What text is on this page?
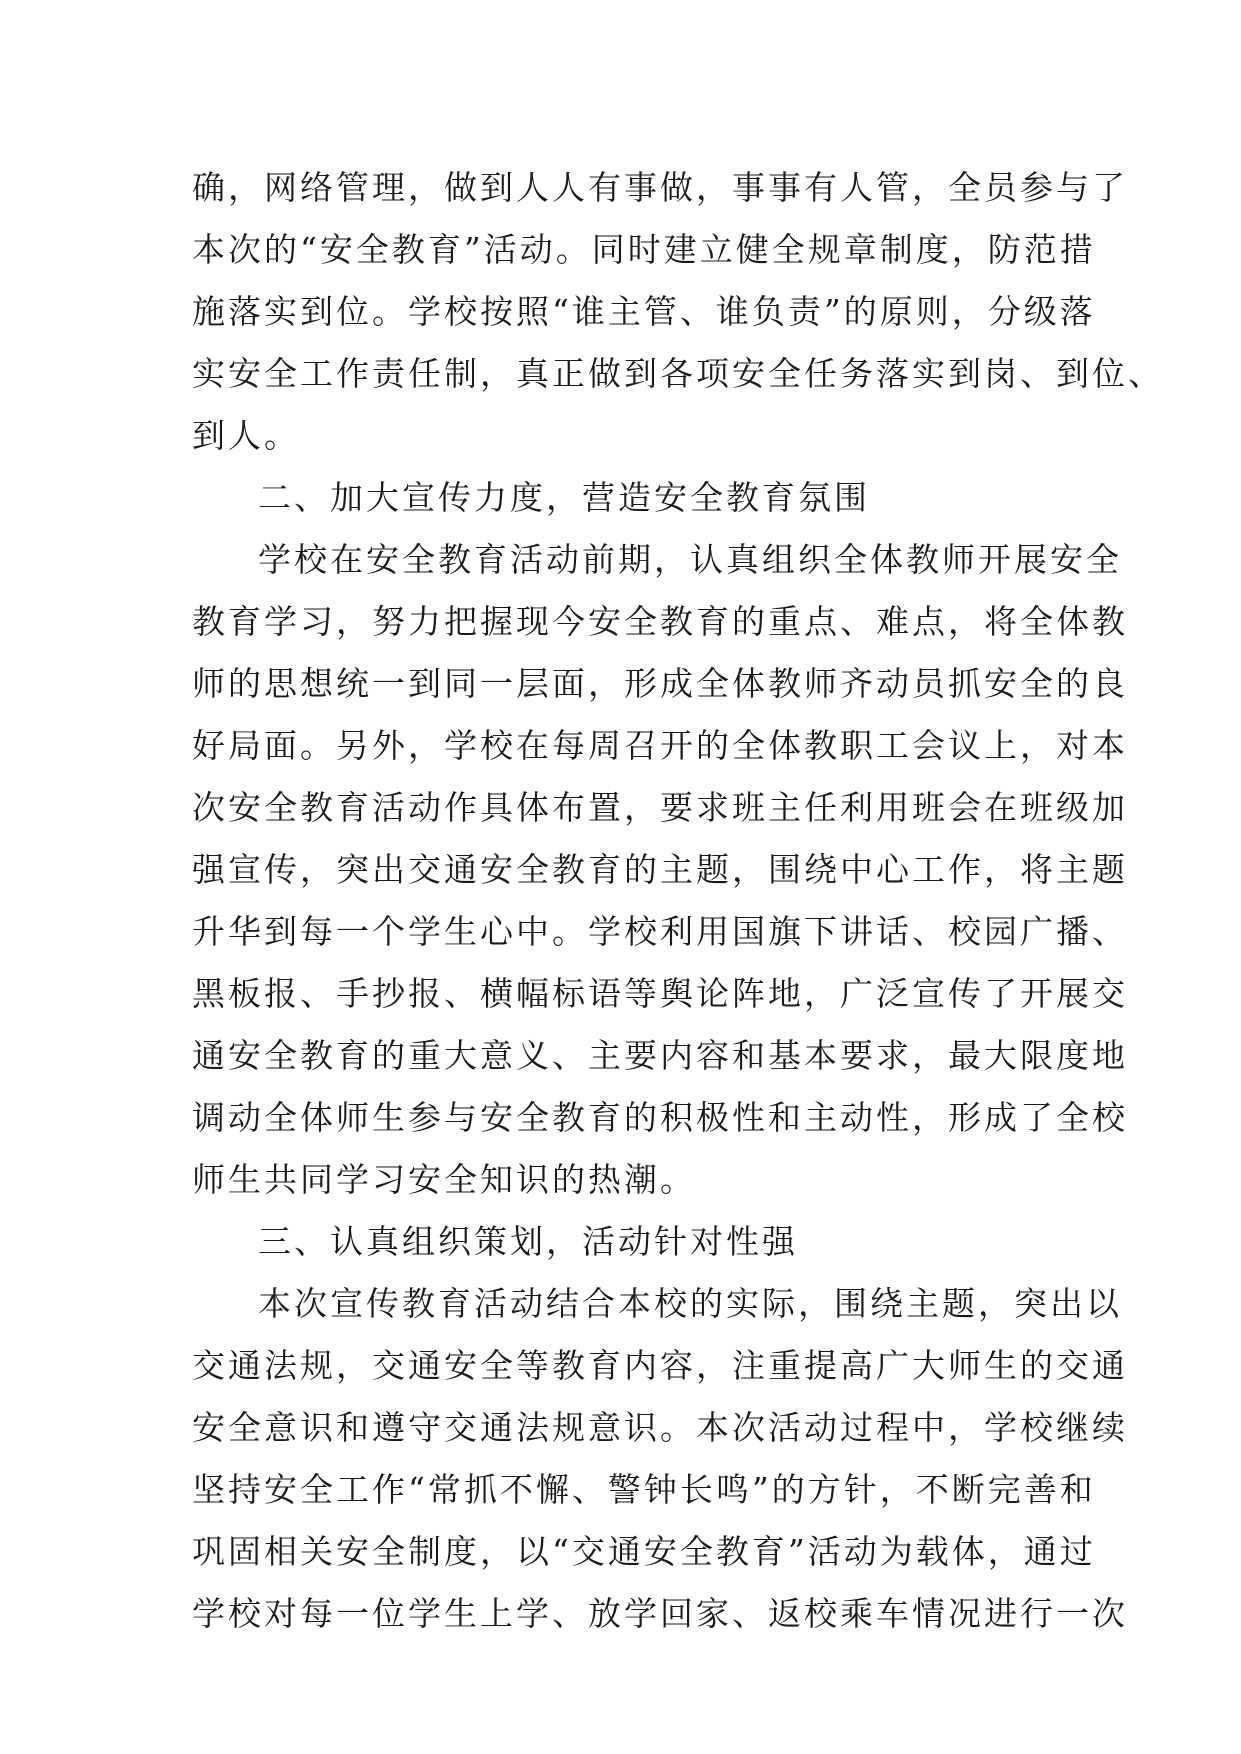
确，网络管理，做到人人有事做，事事有人管，全员参与了
本次的“安全教育”活动。同时建立健全规章制度，防范措
施落实到位。学校按照“谁主管、谁负责”的原则，分级落
实安全工作责任制，真正做到各项安全任务落实到岗、到位、
到人。
二、加大宣传力度，营造安全教育氛围
学校在安全教育活动前期，认真组织全体教师开展安全
教育学习，努力把握现今安全教育的重点、难点，将全体教
师的思想统一到同一层面，形成全体教师齐动员抓安全的良
好局面。另外，学校在每周召开的全体教职工会议上，对本
次安全教育活动作具体布置，要求班主任利用班会在班级加
强宣传，突出交通安全教育的主题，围绕中心工作，将主题
升华到每一个学生心中。学校利用国旗下讲话、校园广播、
黑板报、手抄报、横幅标语等舆论阵地，广泛宣传了开展交
通安全教育的重大意义、主要内容和基本要求，最大限度地
调动全体师生参与安全教育的积极性和主动性，形成了全校
师生共同学习安全知识的热潮。
三、认真组织策划，活动针对性强
本次宣传教育活动结合本校的实际，围绕主题，突出以
交通法规，交通安全等教育内容，注重提高广大师生的交通
安全意识和遵守交通法规意识。本次活动过程中，学校继续
坚持安全工作“常抓不懈、警钟长鸣”的方针，不断完善和
巩固相关安全制度，以“交通安全教育”活动为载体，通过
学校对每一位学生上学、放学回家、返校乘车情况进行一次
